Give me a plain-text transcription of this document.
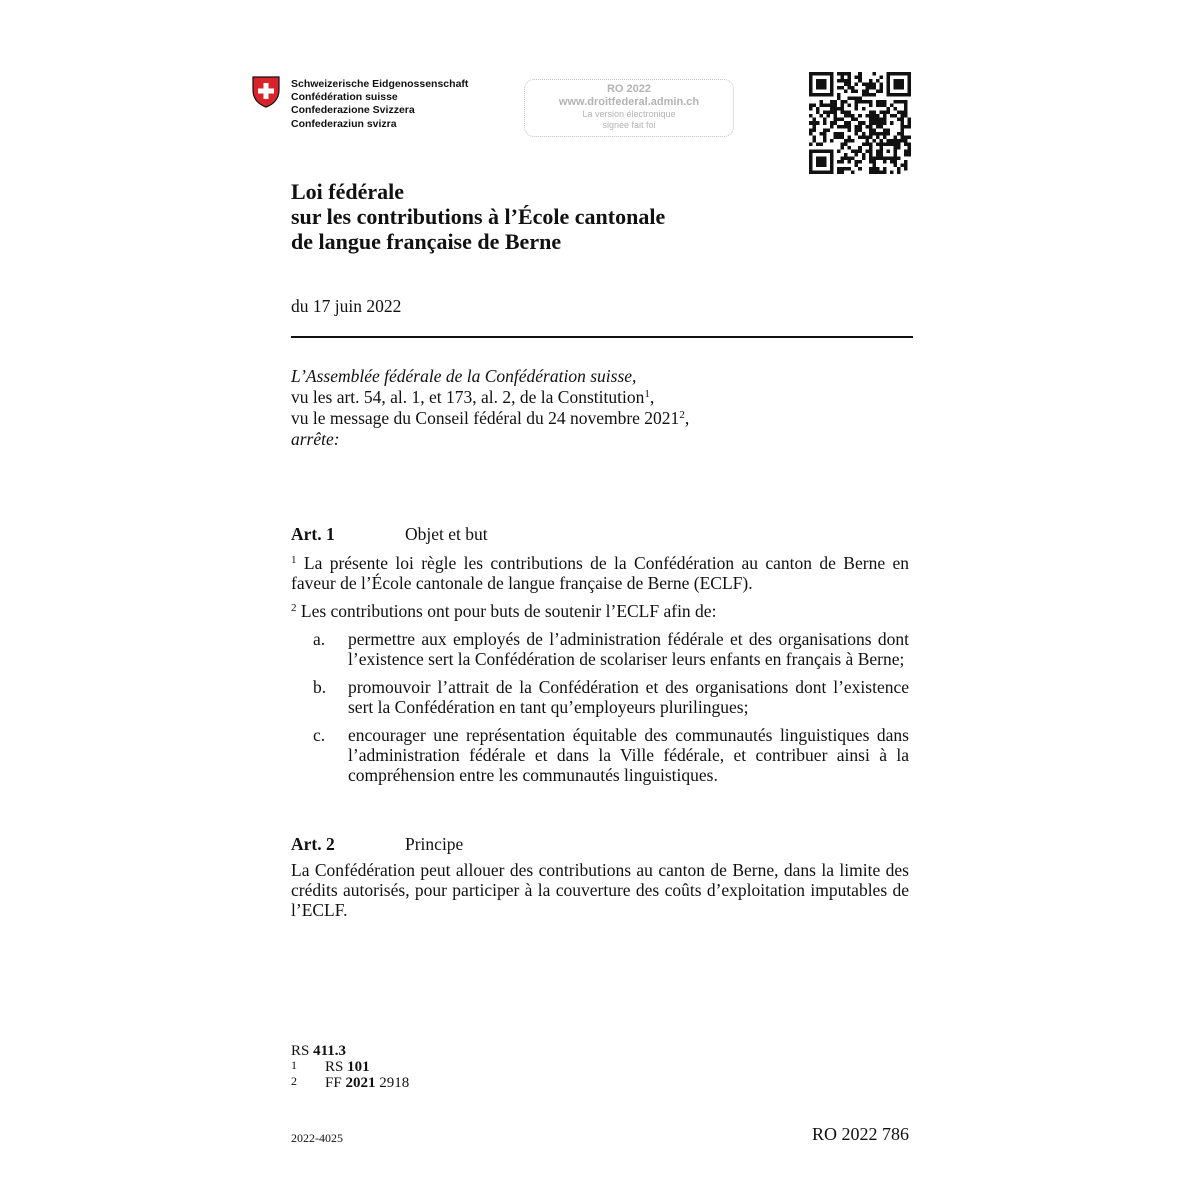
Schweizerische Eidgenossenschaft
Confédération suisse
Confederazione Svizzera
Confederaziun svizra
RO 2022
www.droitfederal.admin.ch
La version électronique
signée fait foi
Loi fédérale
sur les contributions à l’École cantonale
de langue française de Berne
du 17 juin 2022
L’Assemblée fédérale de la Confédération suisse,
vu les art. 54, al. 1, et 173, al. 2, de la Constitution$^1$,
vu le message du Conseil fédéral du 24 novembre 2021$^2$,
arrête:
Art. 1	Objet et but
$^1$ La présente loi règle les contributions de la Confédération au canton de Berne en faveur de l’École cantonale de langue française de Berne (ECLF).
$^2$ Les contributions ont pour buts de soutenir l’ECLF afin de:
a. permettre aux employés de l’administration fédérale et des organisations dont l’existence sert la Confédération de scolariser leurs enfants en français à Berne;
b. promouvoir l’attrait de la Confédération et des organisations dont l’existence sert la Confédération en tant qu’employeurs plurilingues;
c. encourager une représentation équitable des communautés linguistiques dans l’administration fédérale et dans la Ville fédérale, et contribuer ainsi à la compréhension entre les communautés linguistiques.
Art. 2	Principe
La Confédération peut allouer des contributions au canton de Berne, dans la limite des crédits autorisés, pour participer à la couverture des coûts d’exploitation imputables de l’ECLF.
RS 411.3
1 RS 101
2 FF 2021 2918
2022-4025	RO 2022 786
